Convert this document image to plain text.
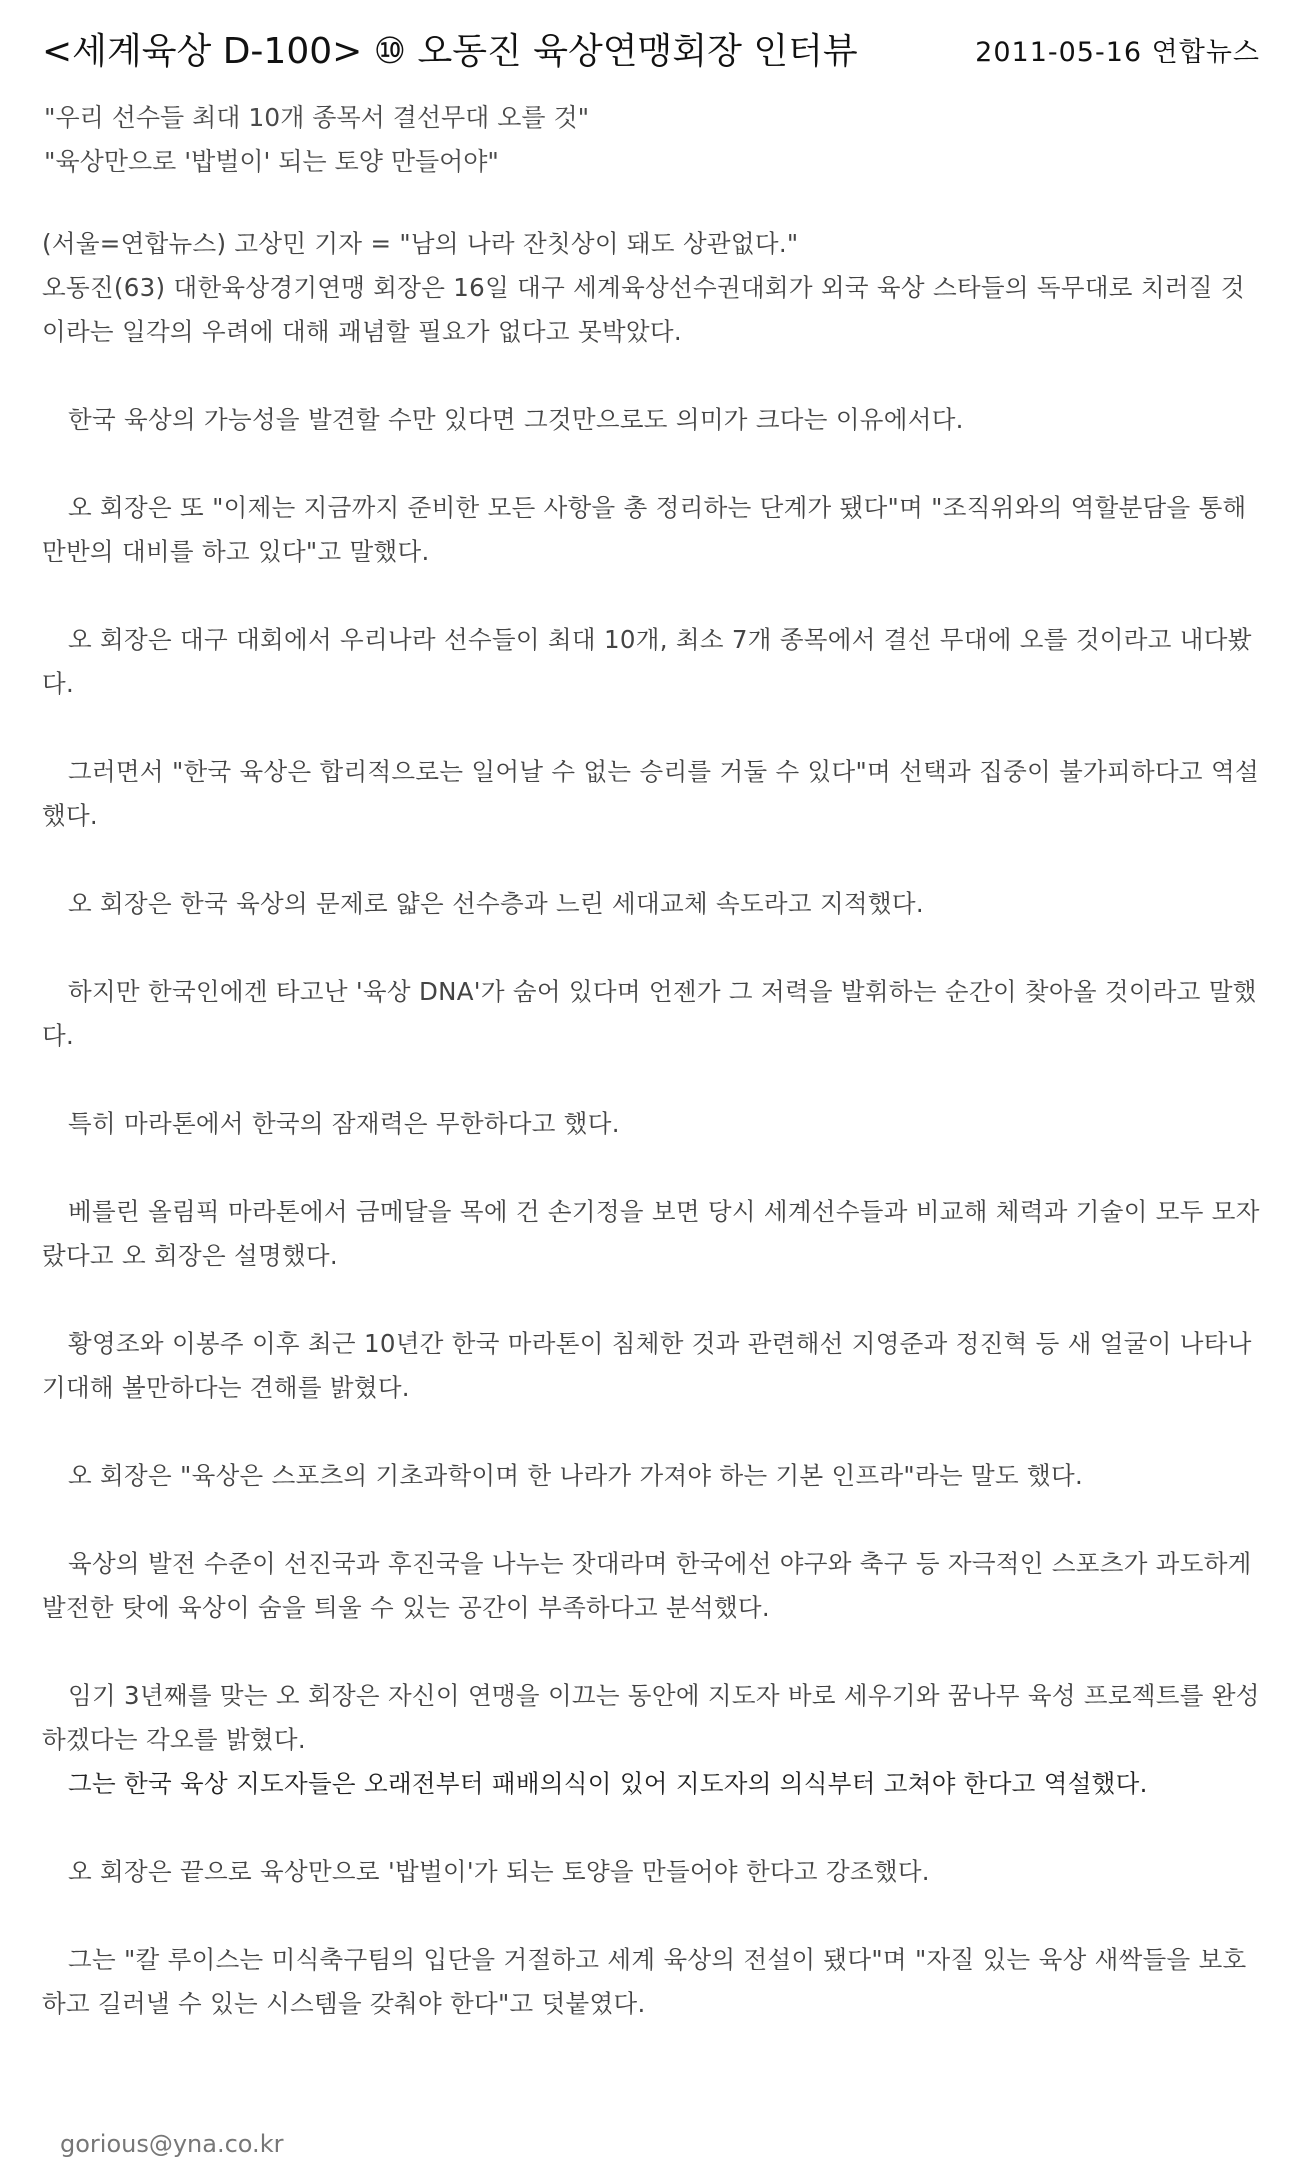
<세계육상 D-100> ⑩ 오동진 육상연맹회장 인터뷰	2011-05-16 연합뉴스
"우리 선수들 최대 10개 종목서 결선무대 오를 것"
"육상만으로 '밥벌이' 되는 토양 만들어야"

(서울=연합뉴스) 고상민 기자 = "남의 나라 잔칫상이 돼도 상관없다."

오동진(63) 대한육상경기연맹 회장은 16일 대구 세계육상선수권대회가 외국 육상 스타들의 독무대로 치러질 것이라는 일각의 우려에 대해 괘념할 필요가 없다고 못박았다.

한국 육상의 가능성을 발견할 수만 있다면 그것만으로도 의미가 크다는 이유에서다.

오 회장은 또 "이제는 지금까지 준비한 모든 사항을 총 정리하는 단계가 됐다"며 "조직위와의 역할분담을 통해 만반의 대비를 하고 있다"고 말했다.

오 회장은 대구 대회에서 우리나라 선수들이 최대 10개, 최소 7개 종목에서 결선 무대에 오를 것이라고 내다봤다.

그러면서 "한국 육상은 합리적으로는 일어날 수 없는 승리를 거둘 수 있다"며 선택과 집중이 불가피하다고 역설했다.

오 회장은 한국 육상의 문제로 얇은 선수층과 느린 세대교체 속도라고 지적했다.

하지만 한국인에겐 타고난 '육상 DNA'가 숨어 있다며 언젠가 그 저력을 발휘하는 순간이 찾아올 것이라고 말했다.

특히 마라톤에서 한국의 잠재력은 무한하다고 했다.

베를린 올림픽 마라톤에서 금메달을 목에 건 손기정을 보면 당시 세계선수들과 비교해 체력과 기술이 모두 모자랐다고 오 회장은 설명했다.

황영조와 이봉주 이후 최근 10년간 한국 마라톤이 침체한 것과 관련해선 지영준과 정진혁 등 새 얼굴이 나타나 기대해 볼만하다는 견해를 밝혔다.

오 회장은 "육상은 스포츠의 기초과학이며 한 나라가 가져야 하는 기본 인프라"라는 말도 했다.

육상의 발전 수준이 선진국과 후진국을 나누는 잣대라며 한국에선 야구와 축구 등 자극적인 스포츠가 과도하게 발전한 탓에 육상이 숨을 틔울 수 있는 공간이 부족하다고 분석했다.

임기 3년째를 맞는 오 회장은 자신이 연맹을 이끄는 동안에 지도자 바로 세우기와 꿈나무 육성 프로젝트를 완성하겠다는 각오를 밝혔다.

그는 한국 육상 지도자들은 오래전부터 패배의식이 있어 지도자의 의식부터 고쳐야 한다고 역설했다.

오 회장은 끝으로 육상만으로 '밥벌이'가 되는 토양을 만들어야 한다고 강조했다.

그는 "칼 루이스는 미식축구팀의 입단을 거절하고 세계 육상의 전설이 됐다"며 "자질 있는 육상 새싹들을 보호하고 길러낼 수 있는 시스템을 갖춰야 한다"고 덧붙였다.

gorious@yna.co.kr
